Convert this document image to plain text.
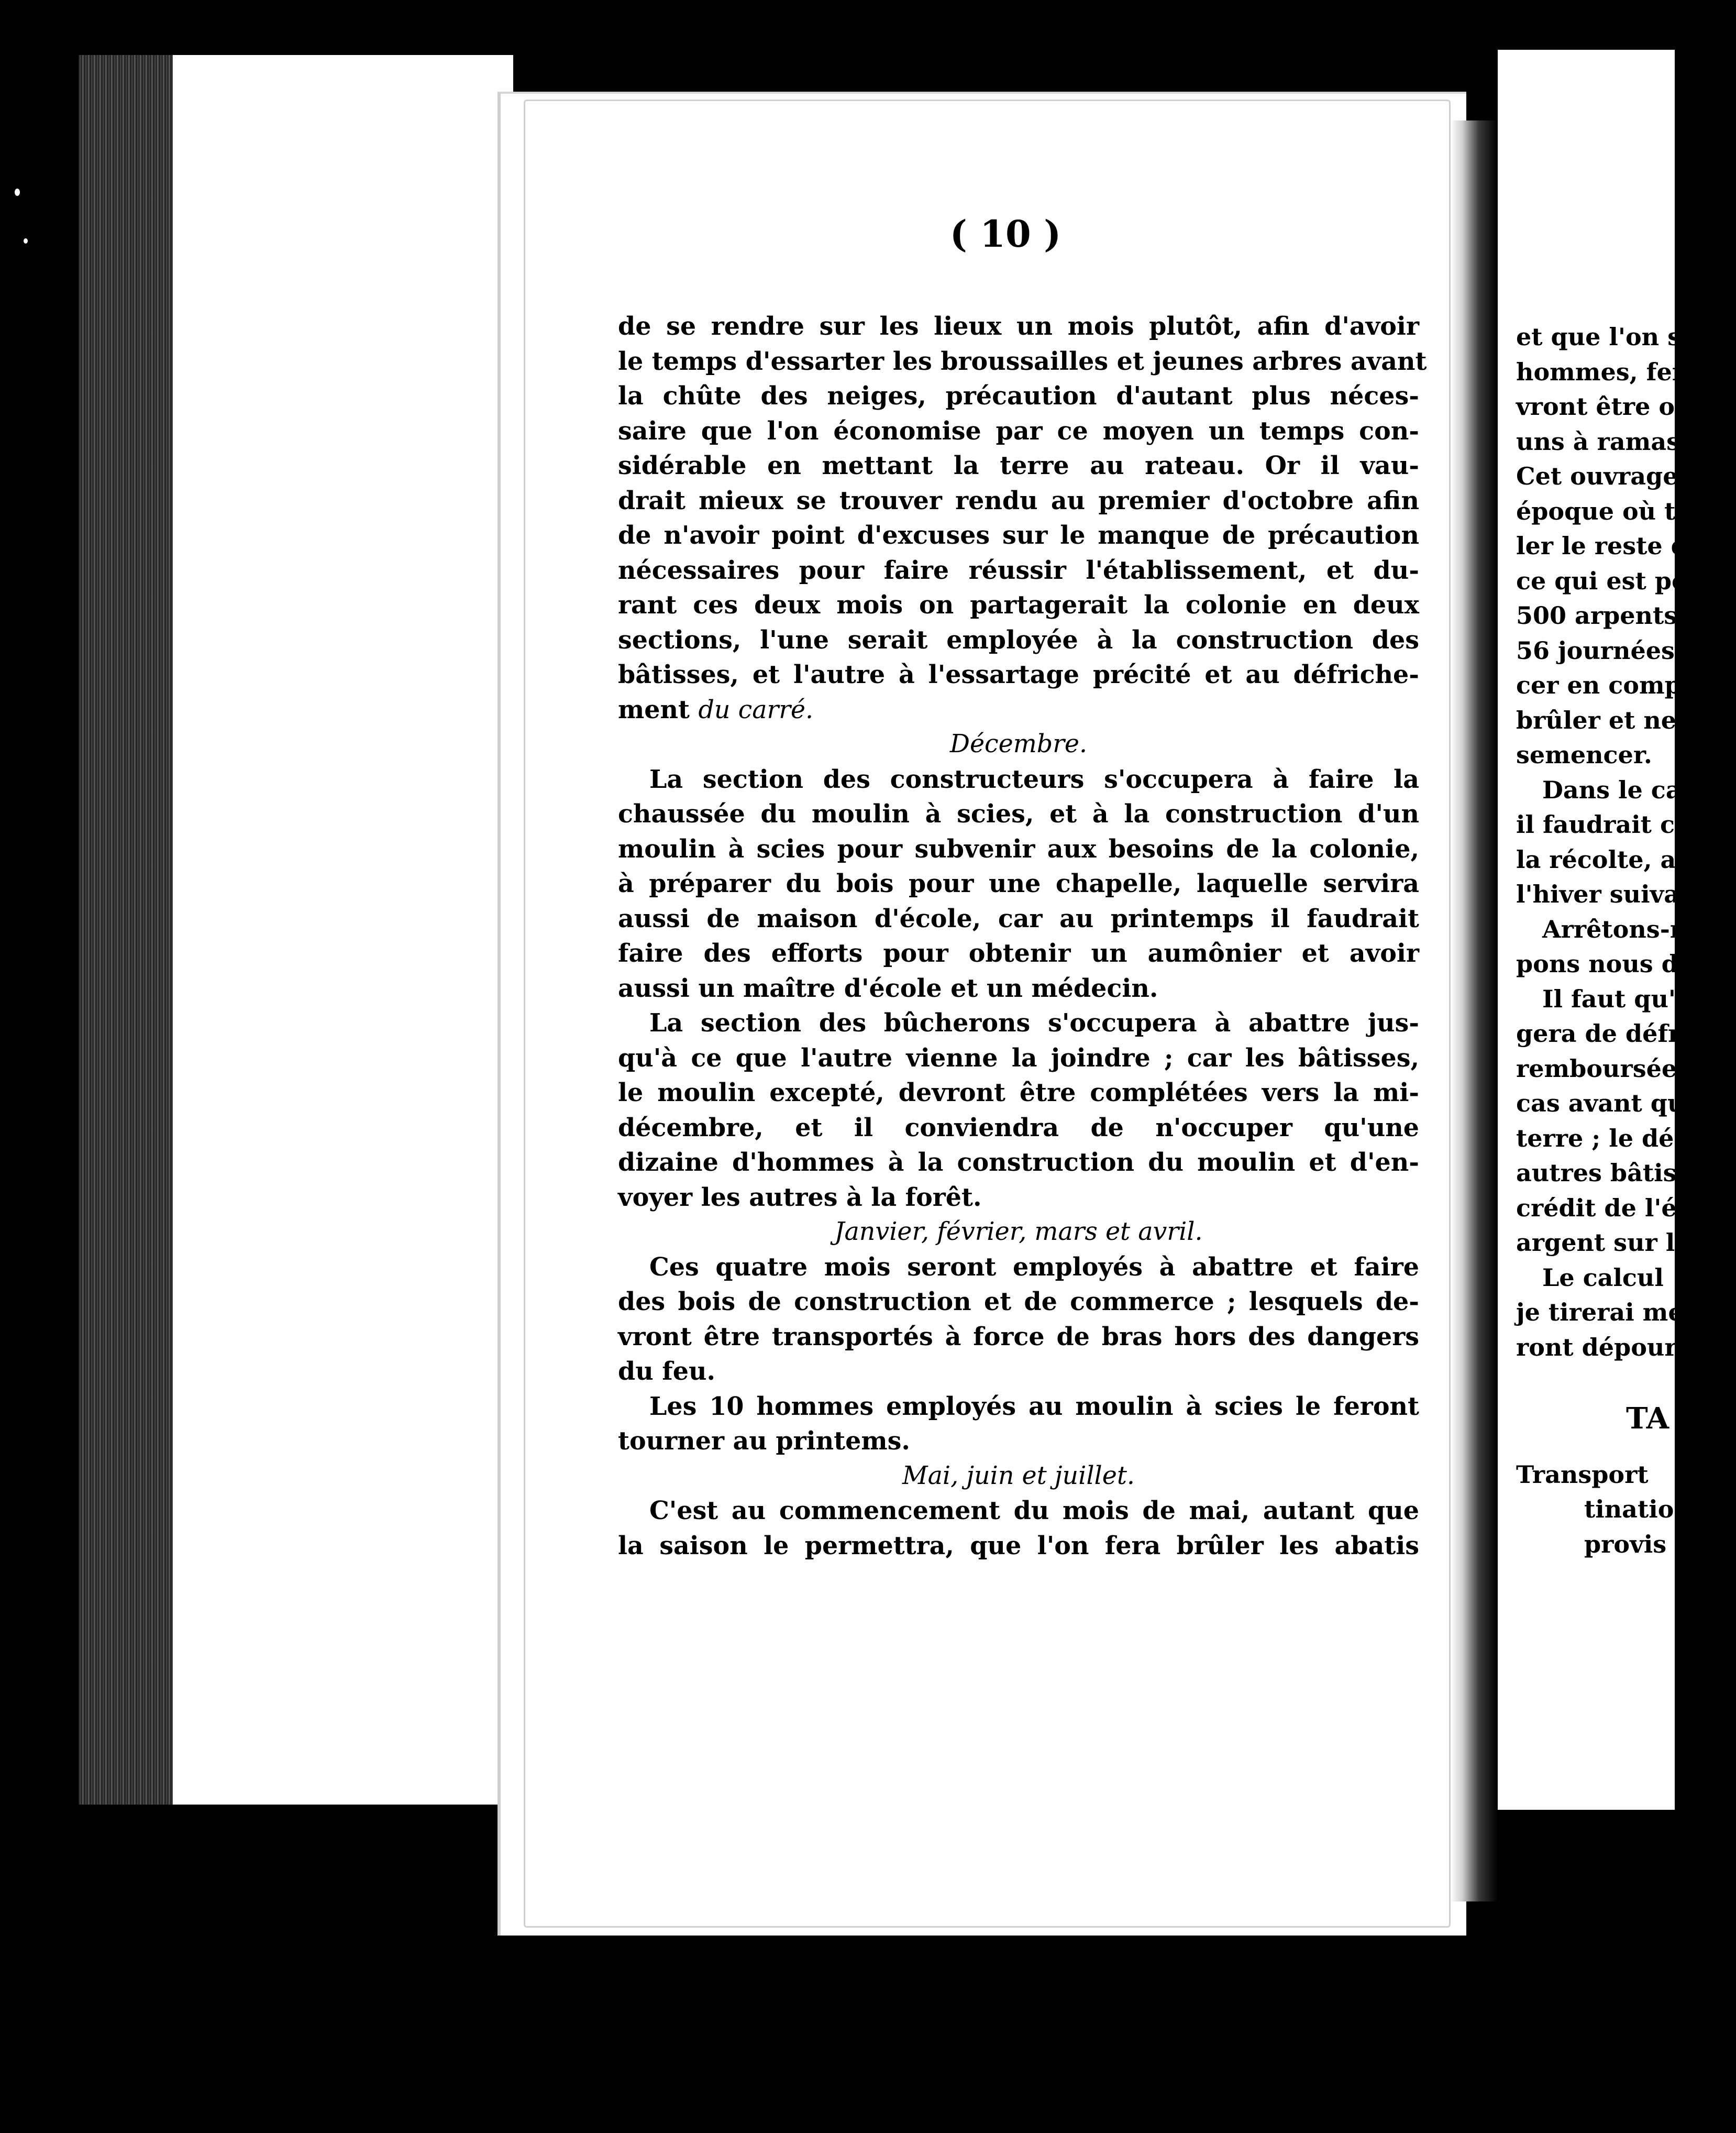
( 10 )
de se rendre sur les lieux un mois plutôt, afin d'avoir
le temps d'essarter les broussailles et jeunes arbres avant
la chûte des neiges, précaution d'autant plus néces-
saire que l'on économise par ce moyen un temps con-
sidérable en mettant la terre au rateau. Or il vau-
drait mieux se trouver rendu au premier d'octobre afin
de n'avoir point d'excuses sur le manque de précaution
nécessaires pour faire réussir l'établissement, et du-
rant ces deux mois on partagerait la colonie en deux
sections, l'une serait employée à la construction des
bâtisses, et l'autre à l'essartage précité et au défriche-
ment du carré.
Décembre.
La section des constructeurs s'occupera à faire la
chaussée du moulin à scies, et à la construction d'un
moulin à scies pour subvenir aux besoins de la colonie,
à préparer du bois pour une chapelle, laquelle servira
aussi de maison d'école, car au printemps il faudrait
faire des efforts pour obtenir un aumônier et avoir
aussi un maître d'école et un médecin.
La section des bûcherons s'occupera à abattre jus-
qu'à ce que l'autre vienne la joindre ; car les bâtisses,
le moulin excepté, devront être complétées vers la mi-
décembre, et il conviendra de n'occuper qu'une
dizaine d'hommes à la construction du moulin et d'en-
voyer les autres à la forêt.
Janvier, février, mars et avril.
Ces quatre mois seront employés à abattre et faire
des bois de construction et de commerce ; lesquels de-
vront être transportés à force de bras hors des dangers
du feu.
Les 10 hommes employés au moulin à scies le feront
tourner au printems.
Mai, juin et juillet.
C'est au commencement du mois de mai, autant que
la saison le permettra, que l'on fera brûler les abatis
et que l'on se
hommes, femm
vront être occ
uns à ramasse
Cet ouvrage c
époque où tou
ler le reste de
ce qui est pou
500 arpents c
56 journées p
cer en comp
brûler et nett
semencer.
Dans le cas
il faudrait co
la récolte, afi
l'hiver suivan
Arrêtons-n
pons nous des
Il faut qu'i
gera de défri
remboursée d
cas avant qu'
terre ; le défr
autres bâtisse
crédit de l'éta
argent sur le
Le calcul
je tirerai mes
ront dépourvu
TA
Transport
tinatio
provis
